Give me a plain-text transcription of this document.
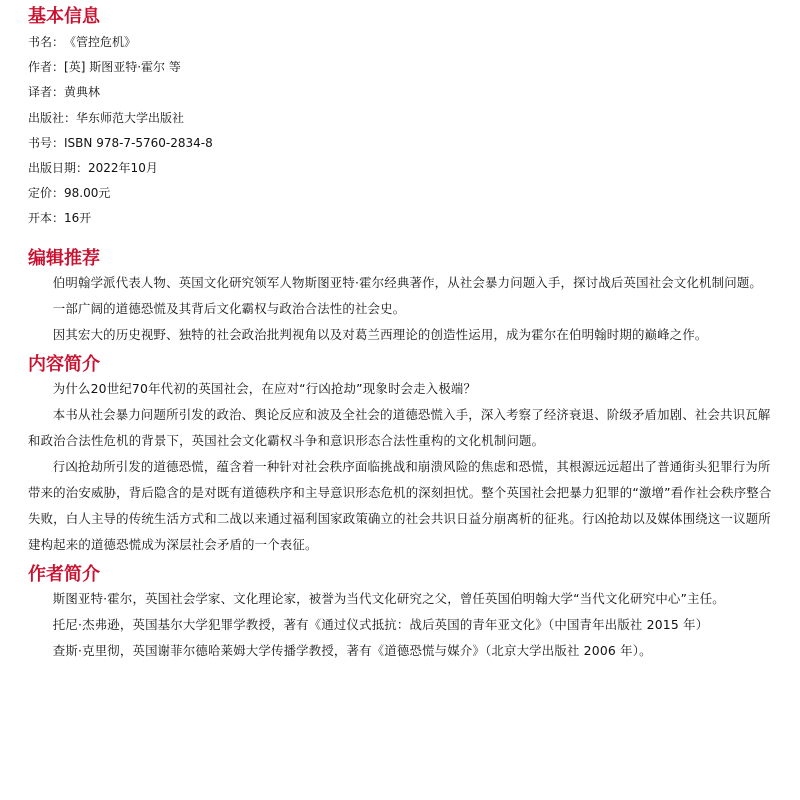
基本信息
书名： 《管控危机》
作者： [英] 斯图亚特·霍尔 等
译者： 黄典林
出版社： 华东师范大学出版社
书号： ISBN 978-7-5760-2834-8
出版日期： 2022年10月
定价： 98.00元
开本： 16开
编辑推荐

伯明翰学派代表人物、英国文化研究领军人物斯图亚特·霍尔经典著作，从社会暴力问题入手，探讨战后英国社会文化机制问题。

一部广阔的道德恐慌及其背后文化霸权与政治合法性的社会史。

因其宏大的历史视野、独特的社会政治批判视角以及对葛兰西理论的创造性运用，成为霍尔在伯明翰时期的巅峰之作。

内容简介

为什么20世纪70年代初的英国社会，在应对“行凶抢劫”现象时会走入极端？

本书从社会暴力问题所引发的政治、舆论反应和波及全社会的道德恐慌入手，深入考察了经济衰退、阶级矛盾加剧、社会共识瓦解和政治合法性危机的背景下，英国社会文化霸权斗争和意识形态合法性重构的文化机制问题。

行凶抢劫所引发的道德恐慌，蕴含着一种针对社会秩序面临挑战和崩溃风险的焦虑和恐慌，其根源远远超出了普通街头犯罪行为所带来的治安威胁，背后隐含的是对既有道德秩序和主导意识形态危机的深刻担忧。整个英国社会把暴力犯罪的“激增”看作社会秩序整合失败，白人主导的传统生活方式和二战以来通过福利国家政策确立的社会共识日益分崩离析的征兆。行凶抢劫以及媒体围绕这一议题所建构起来的道德恐慌成为深层社会矛盾的一个表征。

作者简介

斯图亚特·霍尔，英国社会学家、文化理论家，被誉为当代文化研究之父，曾任英国伯明翰大学“当代文化研究中心”主任。

托尼·杰弗逊，英国基尔大学犯罪学教授，著有《通过仪式抵抗：战后英国的青年亚文化》（中国青年出版社 2015 年）

查斯·克里彻，英国谢菲尔德哈莱姆大学传播学教授，著有《道德恐慌与媒介》（北京大学出版社 2006 年）。
